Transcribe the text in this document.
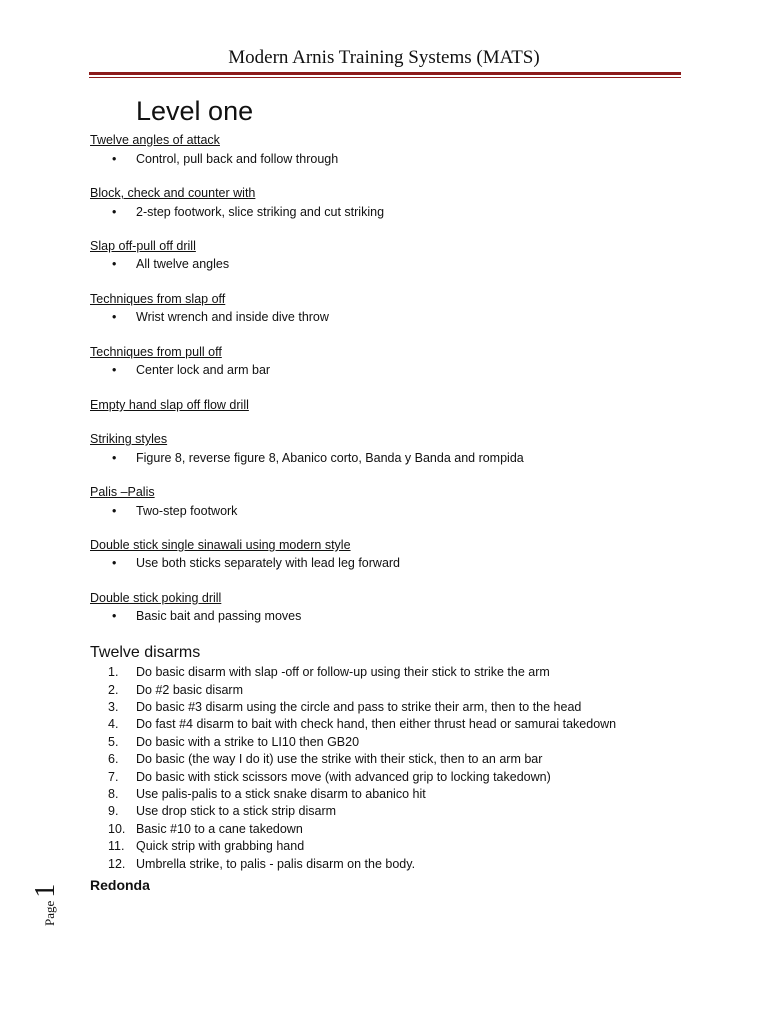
Modern Arnis Training Systems (MATS)
Level one
Twelve angles of attack
• Control, pull back and follow through
Block, check and counter with
• 2-step footwork, slice striking and cut striking
Slap off-pull off drill
• All twelve angles
Techniques from slap off
• Wrist wrench and inside dive throw
Techniques from pull off
• Center lock and arm bar
Empty hand slap off flow drill
Striking styles
• Figure 8, reverse figure 8, Abanico corto, Banda y Banda and rompida
Palis –Palis
• Two-step footwork
Double stick single sinawali using modern style
• Use both sticks separately with lead leg forward
Double stick poking drill
• Basic bait and passing moves
Twelve disarms
1. Do basic disarm with slap -off or follow-up using their stick to strike the arm
2. Do #2 basic disarm
3. Do basic #3 disarm using the circle and pass to strike their arm, then to the head
4. Do fast #4 disarm to bait with check hand, then either thrust head or samurai takedown
5. Do basic with a strike to LI10 then GB20
6. Do basic (the way I do it) use the strike with their stick, then to an arm bar
7. Do basic with stick scissors move (with advanced grip to locking takedown)
8. Use palis-palis to a stick snake disarm to abanico hit
9. Use drop stick to a stick strip disarm
10. Basic #10 to a cane takedown
11. Quick strip with grabbing hand
12. Umbrella strike, to palis - palis disarm on the body.
Redonda
Page1
